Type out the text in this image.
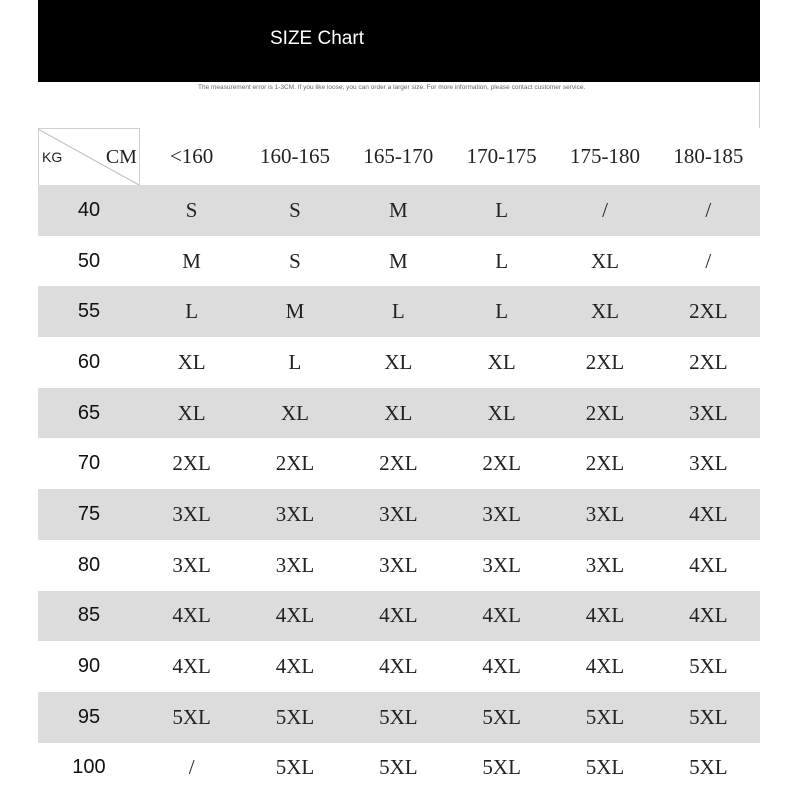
SIZE Chart
The measurement error is 1-3CM. If you like loose, you can order a larger size. For more information, please contact customer service.
KG CM	<160	160-165	165-170	170-175	175-180	180-185
40	S	S	M	L	/	/
50	M	S	M	L	XL	/
55	L	M	L	L	XL	2XL
60	XL	L	XL	XL	2XL	2XL
65	XL	XL	XL	XL	2XL	3XL
70	2XL	2XL	2XL	2XL	2XL	3XL
75	3XL	3XL	3XL	3XL	3XL	4XL
80	3XL	3XL	3XL	3XL	3XL	4XL
85	4XL	4XL	4XL	4XL	4XL	4XL
90	4XL	4XL	4XL	4XL	4XL	5XL
95	5XL	5XL	5XL	5XL	5XL	5XL
100	/	5XL	5XL	5XL	5XL	5XL
